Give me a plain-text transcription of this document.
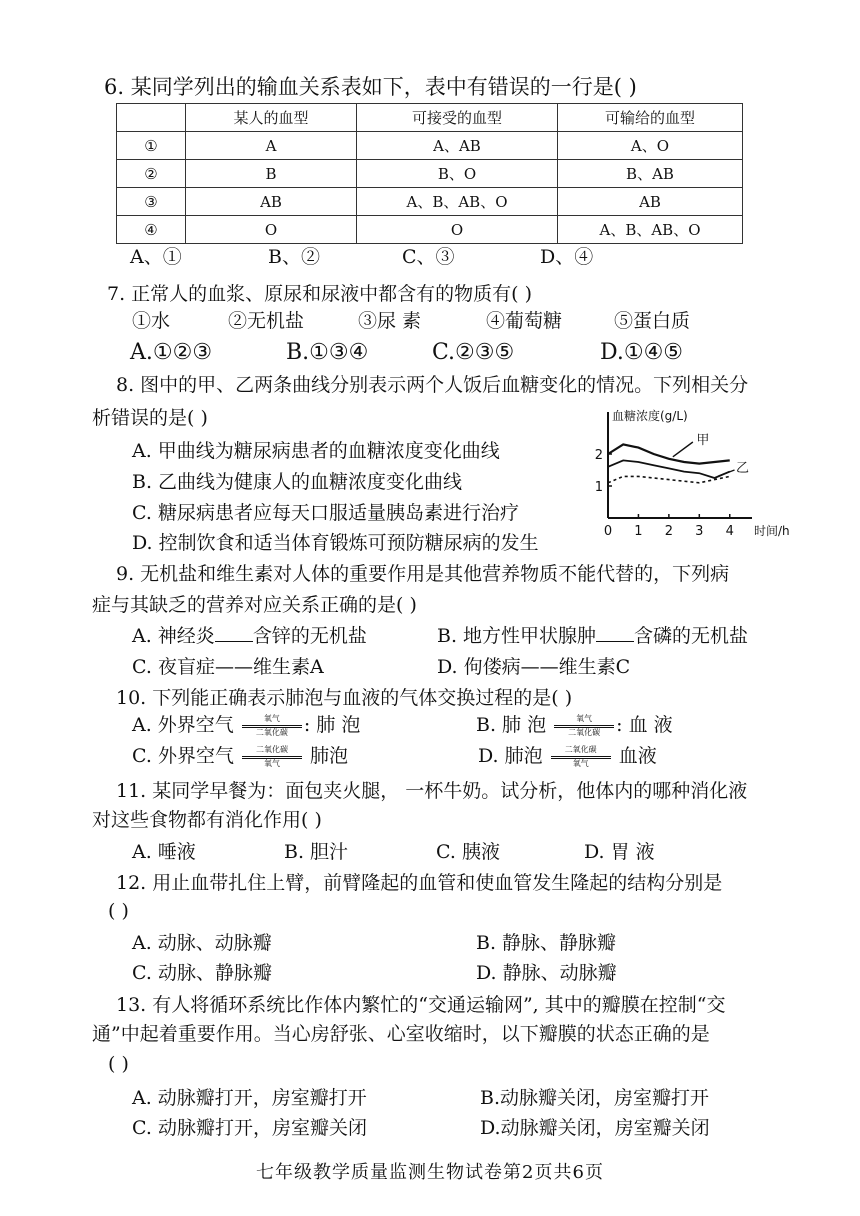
6. 某同学列出的输血关系表如下，表中有错误的一行是( )
	某人的血型	可接受的血型	可输给的血型
①	A	A、AB	A、O
②	B	B、O	B、AB
③	AB	A、B、AB、O	AB
④	O	O	A、B、AB、O
A、①	B、②	C、③	D、④
7. 正常人的血浆、原尿和尿液中都含有的物质有( )
①水	②无机盐	③尿 素	④葡萄糖	⑤蛋白质
A.①②③	B.①③④	C.②③⑤	D.①④⑤
8. 图中的甲、乙两条曲线分别表示两个人饭后血糖变化的情况。下列相关分
析错误的是( )
A. 甲曲线为糖尿病患者的血糖浓度变化曲线
B. 乙曲线为健康人的血糖浓度变化曲线
C. 糖尿病患者应每天口服适量胰岛素进行治疗
D. 控制饮食和适当体育锻炼可预防糖尿病的发生
血糖浓度(g/L)
时间/h
0 1 2 3 4
1
2
甲
乙
9. 无机盐和维生素对人体的重要作用是其他营养物质不能代替的，下列病
症与其缺乏的营养对应关系正确的是( )
A. 神经炎 含锌的无机盐	B. 地方性甲状腺肿 含磷的无机盐
C. 夜盲症——维生素A	D. 佝偻病——维生素C
10. 下列能正确表示肺泡与血液的气体交换过程的是( )
A. 外界空气	氧气
二氧化碳 : 肺 泡	B. 肺 泡	氧气
二氧化碳 : 血 液
C. 外界空气	二氧化碳
氧气	肺泡	D. 肺泡	二氧化碳
氧气	血液
11. 某同学早餐为：面包夹火腿， 一杯牛奶。试分析，他体内的哪种消化液
对这些食物都有消化作用( )
A. 唾液	B. 胆汁	C. 胰液	D. 胃 液
12. 用止血带扎住上臂，前臂隆起的血管和使血管发生隆起的结构分别是
( )
A. 动脉、动脉瓣	B. 静脉、静脉瓣
C. 动脉、静脉瓣	D. 静脉、动脉瓣
13. 有人将循环系统比作体内繁忙的“交通运输网”, 其中的瓣膜在控制“交
通”中起着重要作用。当心房舒张、心室收缩时，以下瓣膜的状态正确的是
( )
A. 动脉瓣打开，房室瓣打开	B.动脉瓣关闭，房室瓣打开
C. 动脉瓣打开，房室瓣关闭	D.动脉瓣关闭，房室瓣关闭
七年级教学质量监测生物试卷第2页共6页
